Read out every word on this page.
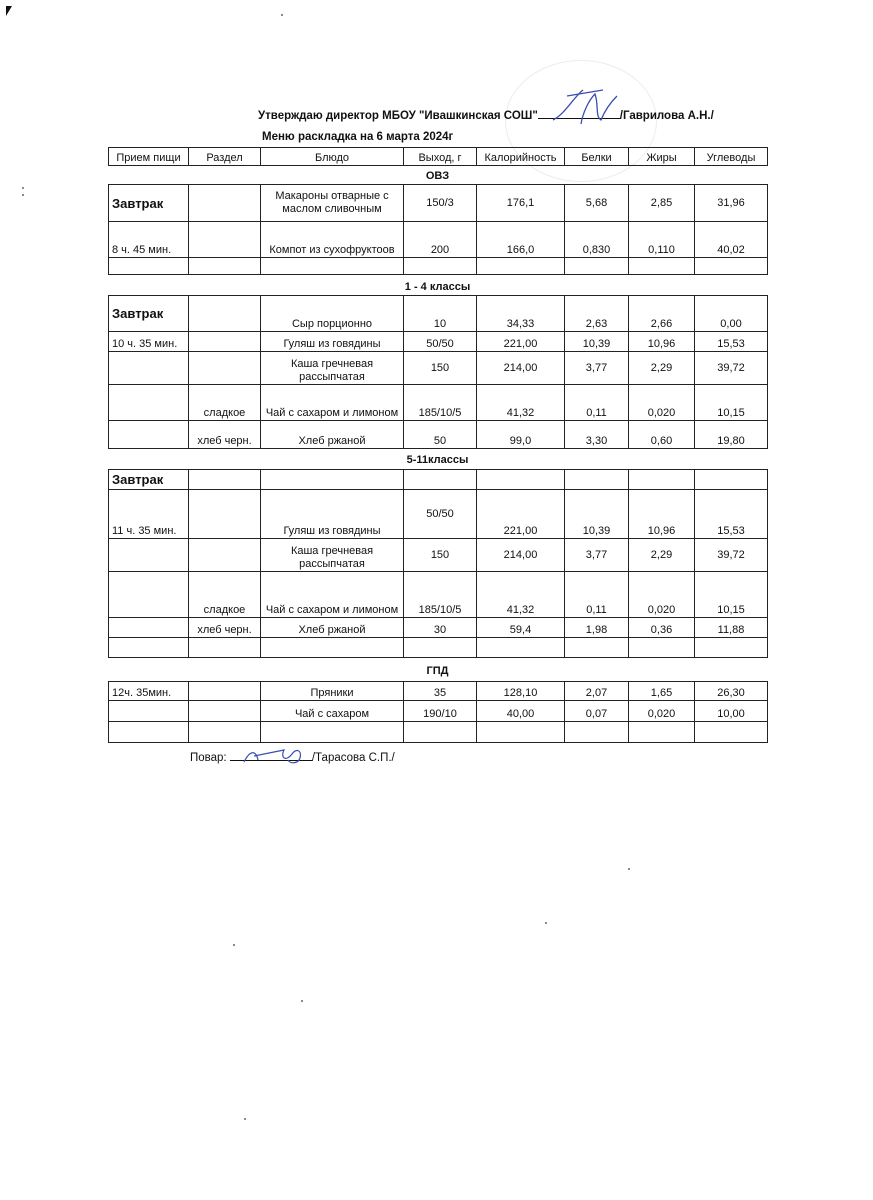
Утверждаю директор МБОУ "Ивашкинская СОШ"	/Гаврилова А.Н./
Меню раскладка на 6 марта 2024г
Прием пищи	Раздел	Блюдо	Выход, г	Калорийность	Белки	Жиры	Углеводы
ОВЗ
Завтрак		Макароны отварные с маслом сливочным	150/3	176,1	5,68	2,85	31,96
8 ч. 45 мин.		Компот из сухофруктоов	200	166,0	0,830	0,110	40,02

1 - 4 классы
Завтрак		Сыр порционно	10	34,33	2,63	2,66	0,00
10 ч. 35 мин.		Гуляш из говядины	50/50	221,00	10,39	10,96	15,53
		Каша гречневая рассыпчатая	150	214,00	3,77	2,29	39,72
	сладкое	Чай с сахаром и лимоном	185/10/5	41,32	0,11	0,020	10,15
	хлеб черн.	Хлеб ржаной	50	99,0	3,30	0,60	19,80
5-11классы
Завтрак							
11 ч. 35 мин.		Гуляш из говядины	50/50	221,00	10,39	10,96	15,53
		Каша гречневая рассыпчатая	150	214,00	3,77	2,29	39,72
	сладкое	Чай с сахаром и лимоном	185/10/5	41,32	0,11	0,020	10,15
	хлеб черн.	Хлеб ржаной	30	59,4	1,98	0,36	11,88

ГПД
12ч. 35мин.		Пряники	35	128,10	2,07	1,65	26,30
		Чай с сахаром	190/10	40,00	0,07	0,020	10,00

Повар:	/Тарасова С.П./
